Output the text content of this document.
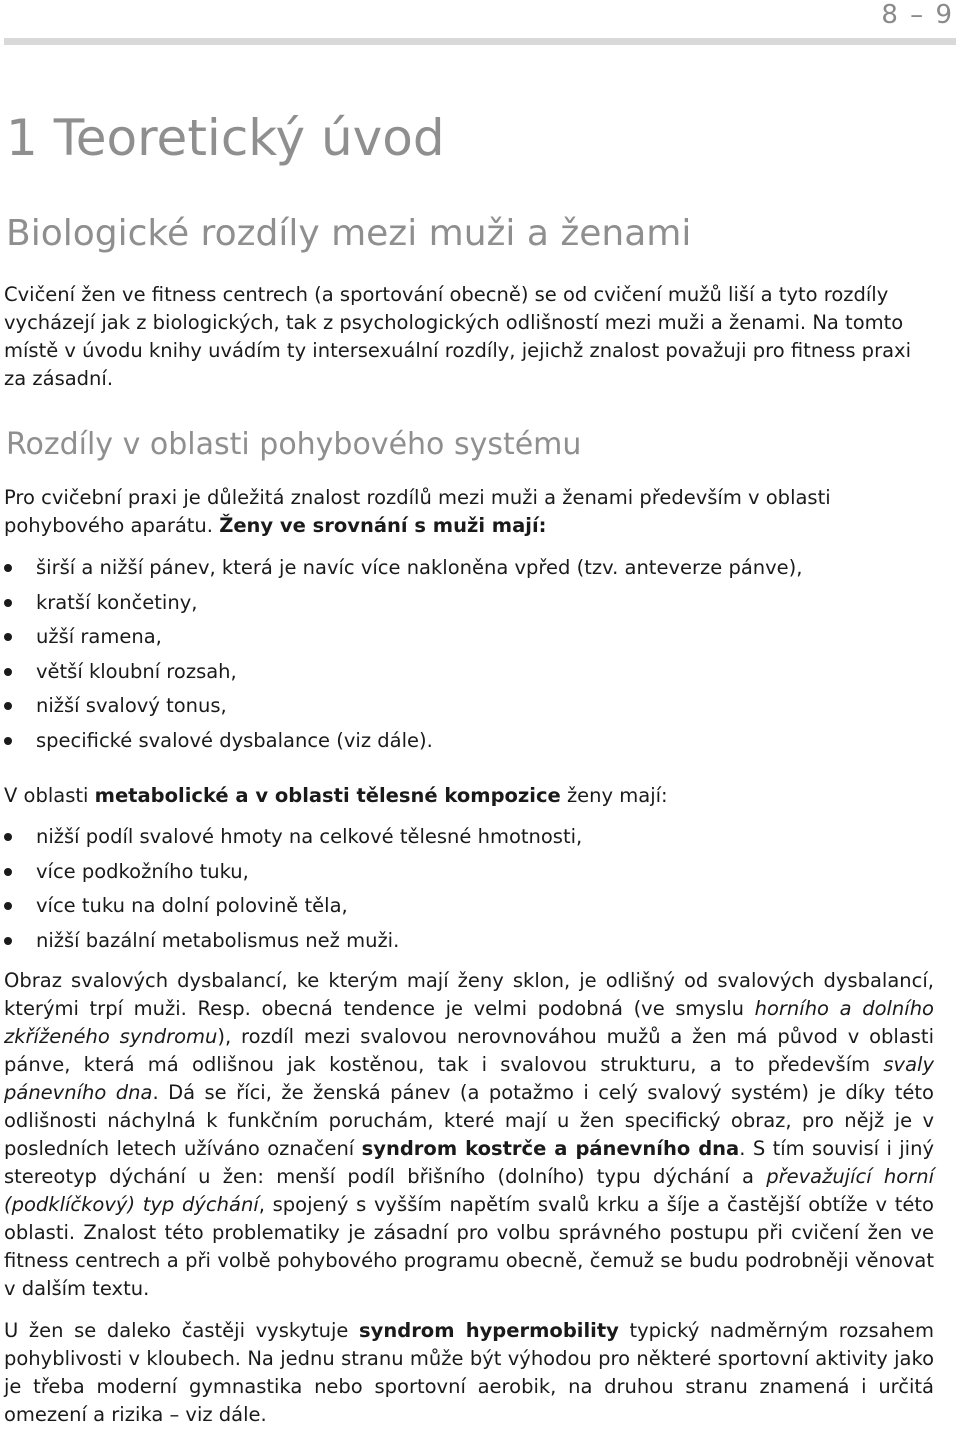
8 – 9
1 Teoretický úvod
Biologické rozdíly mezi muži a ženami

Cvičení žen ve fitness centrech (a sportování obecně) se od cvičení mužů liší a tyto rozdíly vycházejí jak z biologických, tak z psychologických odlišností mezi muži a ženami. Na tomto místě v úvodu knihy uvádím ty intersexuální rozdíly, jejichž znalost považuji pro fitness praxi za zásadní.

Rozdíly v oblasti pohybového systému

Pro cvičební praxi je důležitá znalost rozdílů mezi muži a ženami především v oblasti pohybového aparátu. Ženy ve srovnání s muži mají:

širší a nižší pánev, která je navíc více nakloněna vpřed (tzv. anteverze pánve),
kratší končetiny,
užší ramena,
větší kloubní rozsah,
nižší svalový tonus,
specifické svalové dysbalance (viz dále).

V oblasti metabolické a v oblasti tělesné kompozice ženy mají:

nižší podíl svalové hmoty na celkové tělesné hmotnosti,
více podkožního tuku,
více tuku na dolní polovině těla,
nižší bazální metabolismus než muži.

Obraz svalových dysbalancí, ke kterým mají ženy sklon, je odlišný od svalových dysbalancí, kterými trpí muži. Resp. obecná tendence je velmi podobná (ve smyslu horního a dolního zkříženého syndromu), rozdíl mezi svalovou nerovnováhou mužů a žen má původ v oblasti pánve, která má odlišnou jak kostěnou, tak i svalovou strukturu, a to především svaly pánevního dna. Dá se říci, že ženská pánev (a potažmo i celý svalový systém) je díky této odlišnosti náchylná k funkčním poruchám, které mají u žen specifický obraz, pro nějž je v posledních letech užíváno označení syndrom kostrče a pánevního dna. S tím souvisí i jiný stereotyp dýchání u žen: menší podíl břišního (dolního) typu dýchání a převažující horní (podklíčkový) typ dýchání, spojený s vyšším napětím svalů krku a šíje a častější obtíže v této oblasti. Znalost této problematiky je zásadní pro volbu správného postupu při cvičení žen ve fitness centrech a při volbě pohybového programu obecně, čemuž se budu podrobněji věnovat v dalším textu.

U žen se daleko častěji vyskytuje syndrom hypermobility typický nadměrným rozsahem pohyblivosti v kloubech. Na jednu stranu může být výhodou pro některé sportovní aktivity jako je třeba moderní gymnastika nebo sportovní aerobik, na druhou stranu znamená i určitá omezení a rizika – viz dále.
